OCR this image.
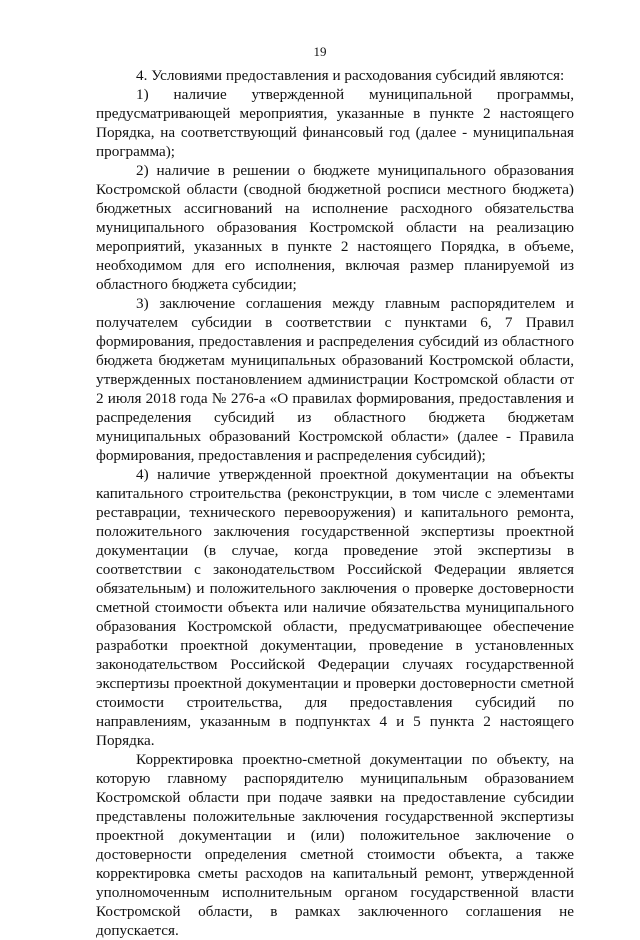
19

4. Условиями предоставления и расходования субсидий являются:

1) наличие утвержденной муниципальной программы, предусматривающей мероприятия, указанные в пункте 2 настоящего Порядка, на соответствующий финансовый год (далее - муниципальная программа);

2) наличие в решении о бюджете муниципального образования Костромской области (сводной бюджетной росписи местного бюджета) бюджетных ассигнований на исполнение расходного обязательства муниципального образования Костромской области на реализацию мероприятий, указанных в пункте 2 настоящего Порядка, в объеме, необходимом для его исполнения, включая размер планируемой из областного бюджета субсидии;

3) заключение соглашения между главным распорядителем и получателем субсидии в соответствии с пунктами 6, 7 Правил формирования, предоставления и распределения субсидий из областного бюджета бюджетам муниципальных образований Костромской области, утвержденных постановлением администрации Костромской области от 2 июля 2018 года № 276-а «О правилах формирования, предоставления и распределения субсидий из областного бюджета бюджетам муниципальных образований Костромской области» (далее - Правила формирования, предоставления и распределения субсидий);

4) наличие утвержденной проектной документации на объекты капитального строительства (реконструкции, в том числе с элементами реставрации, технического перевооружения) и капитального ремонта, положительного заключения государственной экспертизы проектной документации (в случае, когда проведение этой экспертизы в соответствии с законодательством Российской Федерации является обязательным) и положительного заключения о проверке достоверности сметной стоимости объекта или наличие обязательства муниципального образования Костромской области, предусматривающее обеспечение разработки проектной документации, проведение в установленных законодательством Российской Федерации случаях государственной экспертизы проектной документации и проверки достоверности сметной стоимости строительства, для предоставления субсидий по направлениям, указанным в подпунктах 4 и 5 пункта 2 настоящего Порядка.

Корректировка проектно-сметной документации по объекту, на которую главному распорядителю муниципальным образованием Костромской области при подаче заявки на предоставление субсидии представлены положительные заключения государственной экспертизы проектной документации и (или) положительное заключение о достоверности определения сметной стоимости объекта, а также корректировка сметы расходов на капитальный ремонт, утвержденной уполномоченным исполнительным органом государственной власти Костромской области, в рамках заключенного соглашения не допускается.
